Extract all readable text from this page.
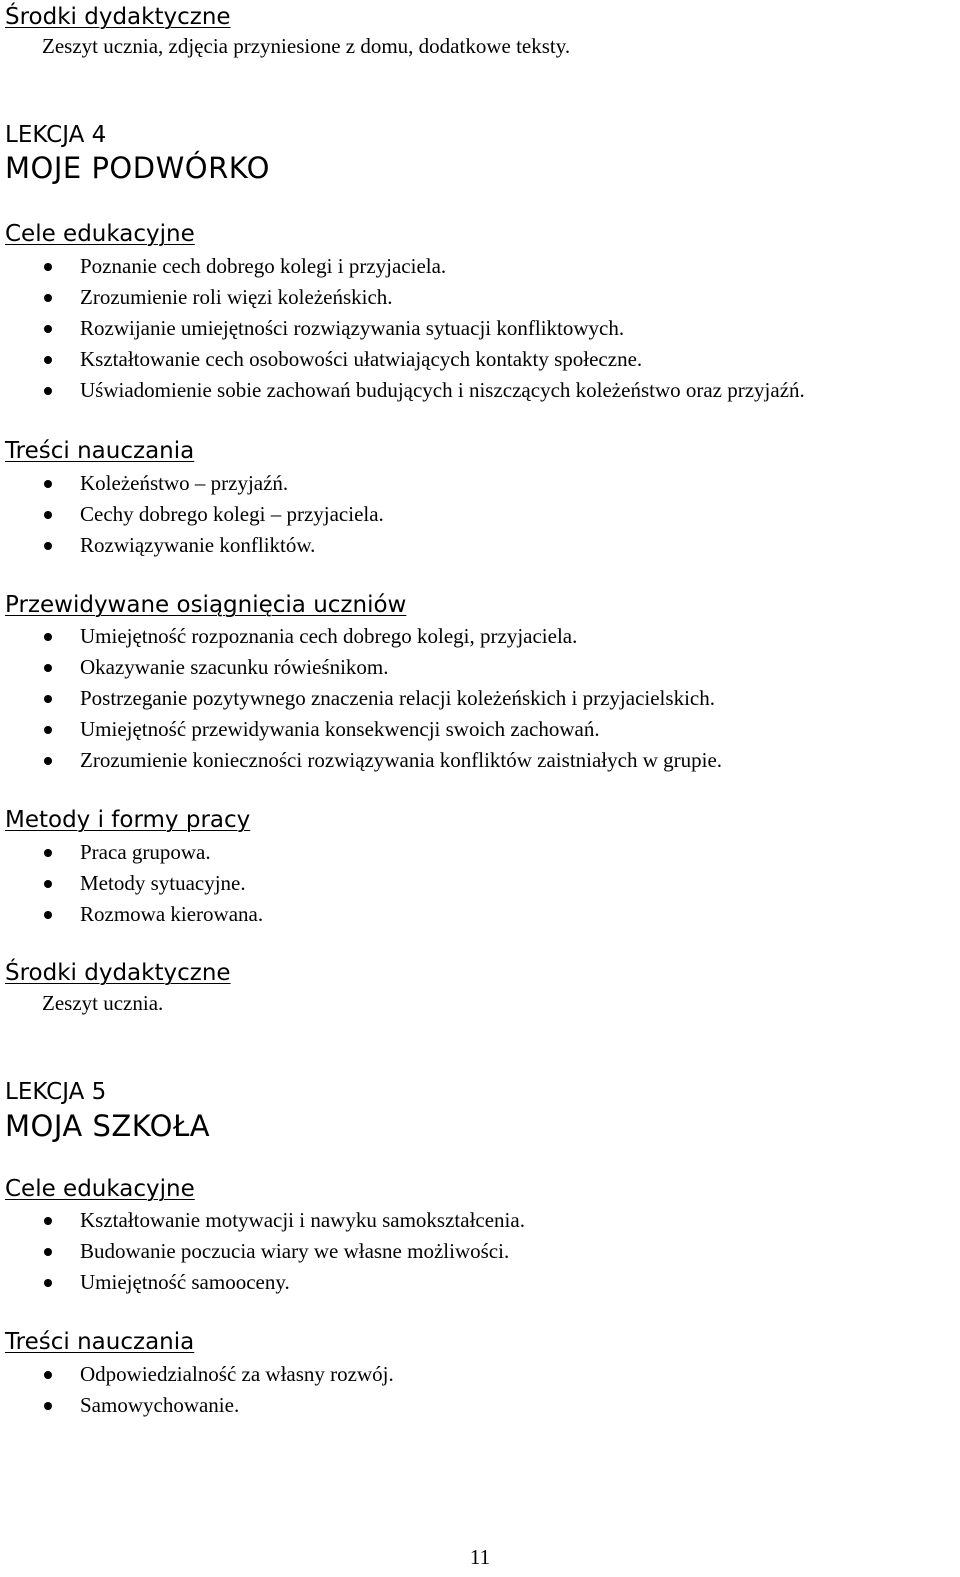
Środki dydaktyczne
Zeszyt ucznia, zdjęcia przyniesione z domu, dodatkowe teksty.
LEKCJA 4
MOJE PODWÓRKO
Cele edukacyjne
Poznanie cech dobrego kolegi i przyjaciela.
Zrozumienie roli więzi koleżeńskich.
Rozwijanie umiejętności rozwiązywania sytuacji konfliktowych.
Kształtowanie cech osobowości ułatwiających kontakty społeczne.
Uświadomienie sobie zachowań budujących i niszczących koleżeństwo oraz przyjaźń.
Treści nauczania
Koleżeństwo – przyjaźń.
Cechy dobrego kolegi – przyjaciela.
Rozwiązywanie konfliktów.
Przewidywane osiągnięcia uczniów
Umiejętność rozpoznania cech dobrego kolegi, przyjaciela.
Okazywanie szacunku rówieśnikom.
Postrzeganie pozytywnego znaczenia relacji koleżeńskich i przyjacielskich.
Umiejętność przewidywania konsekwencji swoich zachowań.
Zrozumienie konieczności rozwiązywania konfliktów zaistniałych w grupie.
Metody i formy pracy
Praca grupowa.
Metody sytuacyjne.
Rozmowa kierowana.
Środki dydaktyczne
Zeszyt ucznia.
LEKCJA 5
MOJA SZKOŁA
Cele edukacyjne
Kształtowanie motywacji i nawyku samokształcenia.
Budowanie poczucia wiary we własne możliwości.
Umiejętność samooceny.
Treści nauczania
Odpowiedzialność za własny rozwój.
Samowychowanie.
11
